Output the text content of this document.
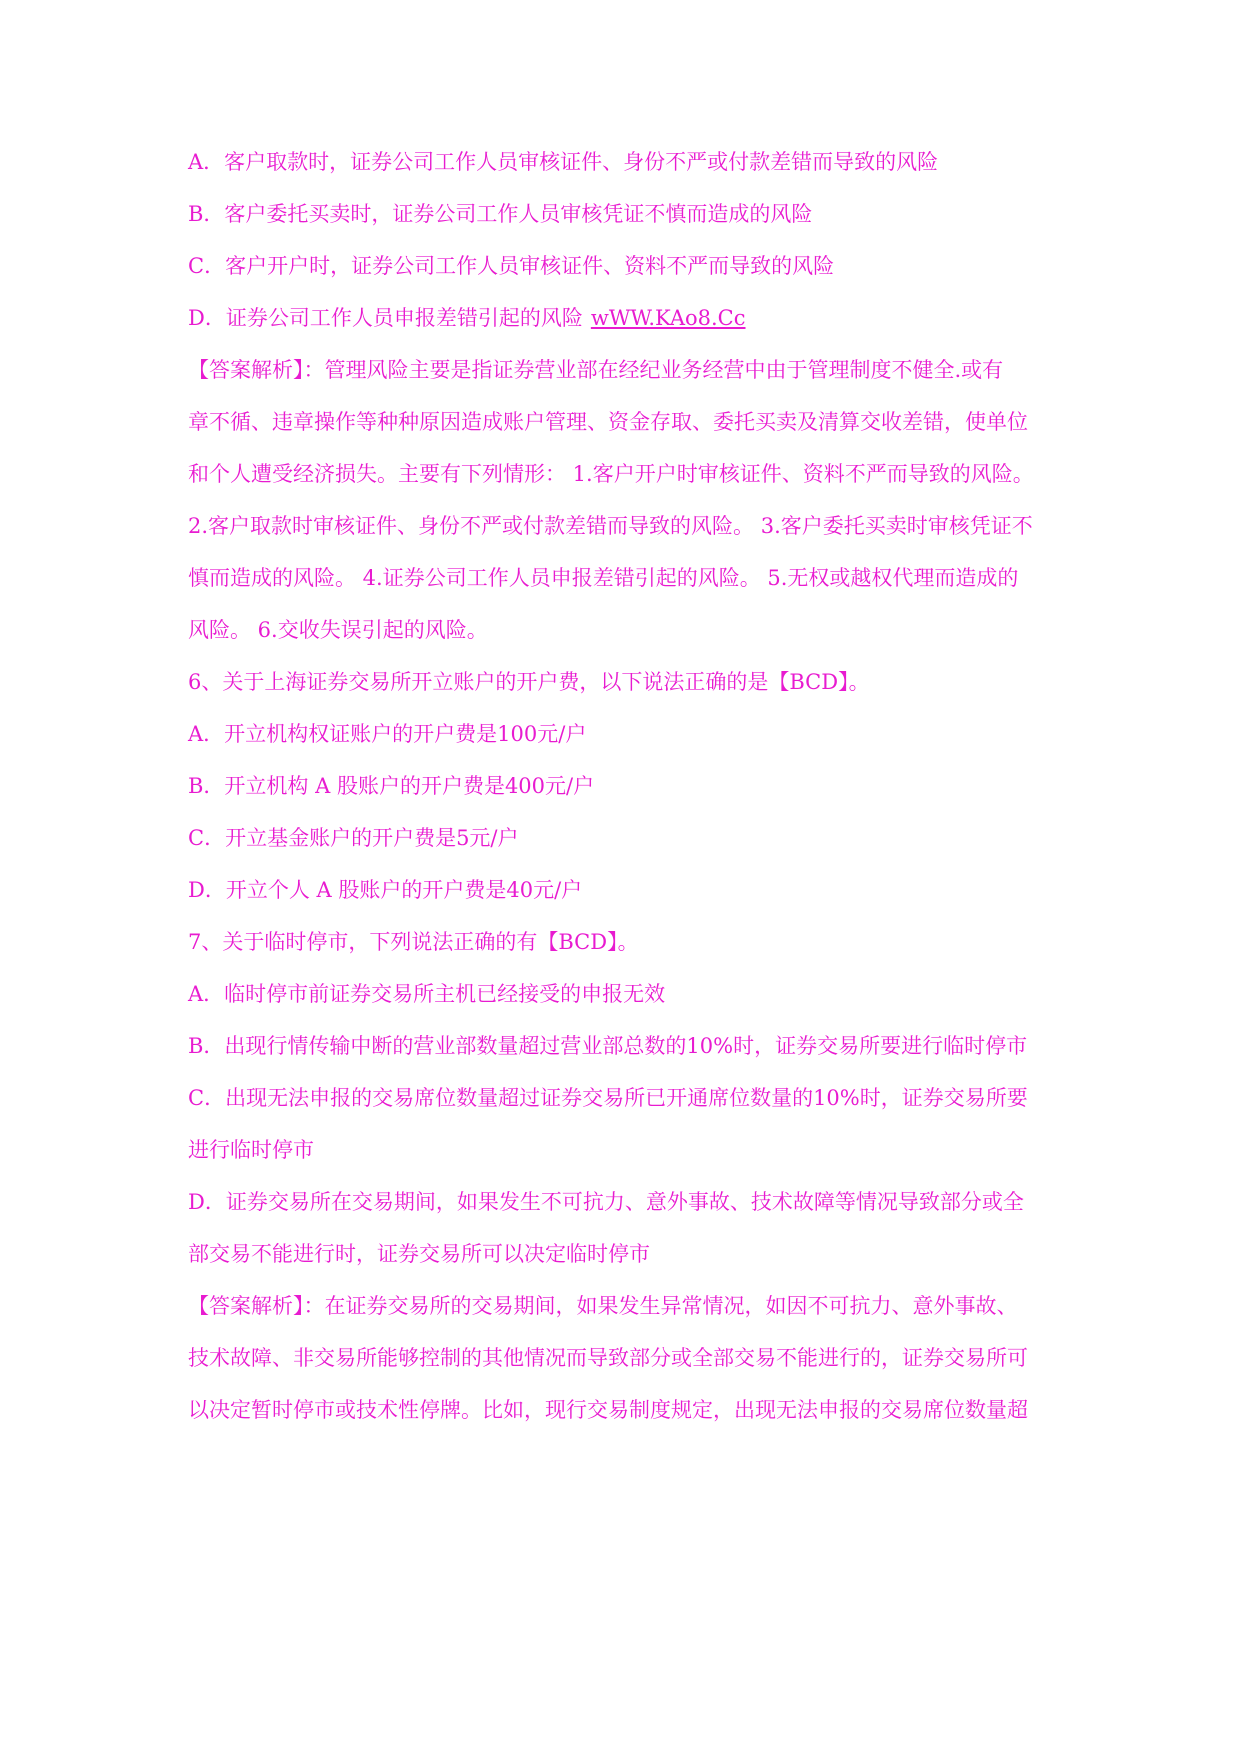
A．客户取款时，证券公司工作人员审核证件、身份不严或付款差错而导致的风险
B．客户委托买卖时，证券公司工作人员审核凭证不慎而造成的风险
C．客户开户时，证券公司工作人员审核证件、资料不严而导致的风险
D．证券公司工作人员申报差错引起的风险 wWW.KAo8.Cc
【答案解析】：管理风险主要是指证券营业部在经纪业务经营中由于管理制度不健全.或有
章不循、违章操作等种种原因造成账户管理、资金存取、委托买卖及清算交收差错，使单位
和个人遭受经济损失。主要有下列情形： 1.客户开户时审核证件、资料不严而导致的风险。
2.客户取款时审核证件、身份不严或付款差错而导致的风险。 3.客户委托买卖时审核凭证不
慎而造成的风险。 4.证券公司工作人员申报差错引起的风险。 5.无权或越权代理而造成的
风险。 6.交收失误引起的风险。
6、关于上海证券交易所开立账户的开户费，以下说法正确的是【BCD】。
A．开立机构权证账户的开户费是100元/户
B．开立机构 A 股账户的开户费是400元/户
C．开立基金账户的开户费是5元/户
D．开立个人 A 股账户的开户费是40元/户
7、关于临时停市，下列说法正确的有【BCD】。
A．临时停市前证券交易所主机已经接受的申报无效
B．出现行情传输中断的营业部数量超过营业部总数的10%时，证券交易所要进行临时停市
C．出现无法申报的交易席位数量超过证券交易所已开通席位数量的10%时，证券交易所要
进行临时停市
D．证券交易所在交易期间，如果发生不可抗力、意外事故、技术故障等情况导致部分或全
部交易不能进行时，证券交易所可以决定临时停市
【答案解析】：在证券交易所的交易期间，如果发生异常情况，如因不可抗力、意外事故、
技术故障、非交易所能够控制的其他情况而导致部分或全部交易不能进行的，证券交易所可
以决定暂时停市或技术性停牌。比如，现行交易制度规定，出现无法申报的交易席位数量超
